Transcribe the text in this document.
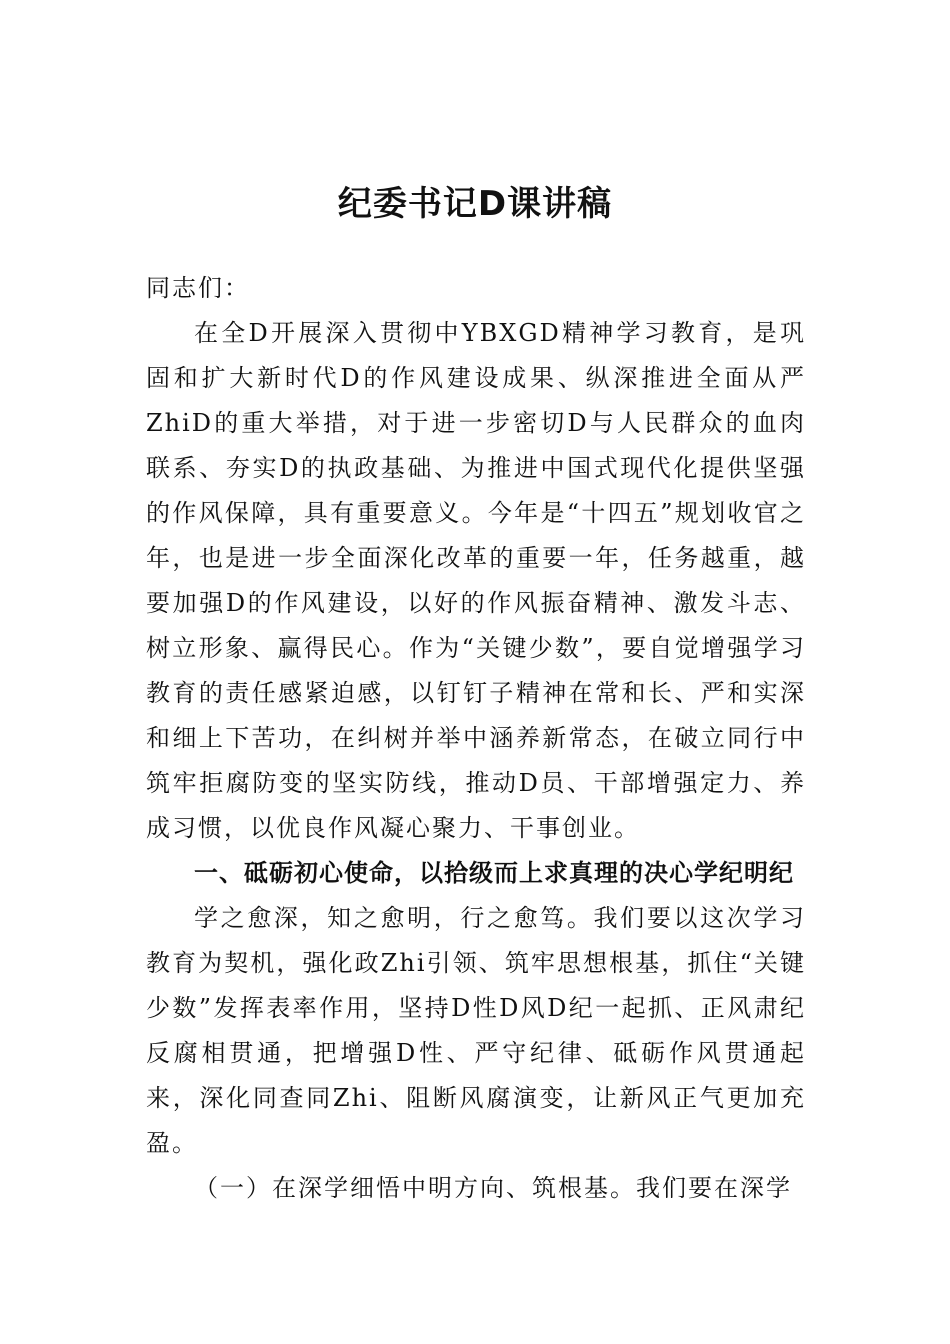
纪委书记D课讲稿

同志们：

在全D开展深入贯彻中YBXGD精神学习教育，是巩固和扩大新时代D的作风建设成果、纵深推进全面从严ZhiD的重大举措，对于进一步密切D与人民群众的血肉联系、夯实D的执政基础、为推进中国式现代化提供坚强的作风保障，具有重要意义。今年是“十四五”规划收官之年，也是进一步全面深化改革的重要一年，任务越重，越要加强D的作风建设，以好的作风振奋精神、激发斗志、树立形象、赢得民心。作为“关键少数”，要自觉增强学习教育的责任感紧迫感，以钉钉子精神在常和长、严和实深和细上下苦功，在纠树并举中涵养新常态，在破立同行中筑牢拒腐防变的坚实防线，推动D员、干部增强定力、养成习惯，以优良作风凝心聚力、干事创业。

一、砥砺初心使命，以拾级而上求真理的决心学纪明纪

学之愈深，知之愈明，行之愈笃。我们要以这次学习教育为契机，强化政Zhi引领、筑牢思想根基，抓住“关键少数”发挥表率作用，坚持D性D风D纪一起抓、正风肃纪反腐相贯通，把增强D性、严守纪律、砥砺作风贯通起来，深化同查同Zhi、阻断风腐演变，让新风正气更加充盈。

（一）在深学细悟中明方向、筑根基。我们要在深学
